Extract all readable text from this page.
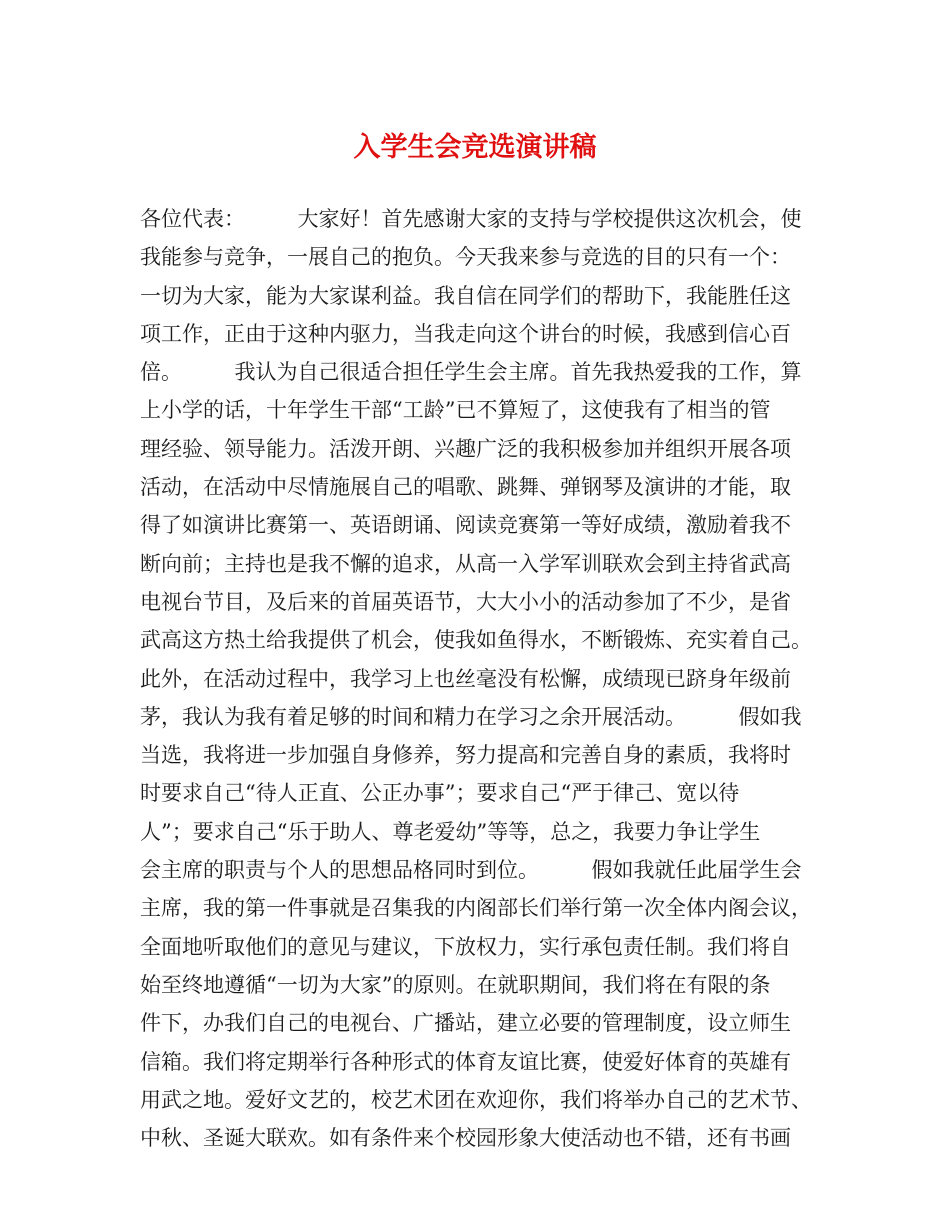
入学生会竞选演讲稿
各位代表：　　　大家好！首先感谢大家的支持与学校提供这次机会，使
我能参与竞争，一展自己的抱负。今天我来参与竞选的目的只有一个：
一切为大家，能为大家谋利益。我自信在同学们的帮助下，我能胜任这
项工作，正由于这种内驱力，当我走向这个讲台的时候，我感到信心百
倍。　　　我认为自己很适合担任学生会主席。首先我热爱我的工作，算
上小学的话，十年学生干部“工龄”已不算短了，这使我有了相当的管
理经验、领导能力。活泼开朗、兴趣广泛的我积极参加并组织开展各项
活动，在活动中尽情施展自己的唱歌、跳舞、弹钢琴及演讲的才能，取
得了如演讲比赛第一、英语朗诵、阅读竞赛第一等好成绩，激励着我不
断向前；主持也是我不懈的追求，从高一入学军训联欢会到主持省武高
电视台节目，及后来的首届英语节，大大小小的活动参加了不少，是省
武高这方热土给我提供了机会，使我如鱼得水，不断锻炼、充实着自己。
此外，在活动过程中，我学习上也丝毫没有松懈，成绩现已跻身年级前
茅，我认为我有着足够的时间和精力在学习之余开展活动。　　　假如我
当选，我将进一步加强自身修养，努力提高和完善自身的素质，我将时
时要求自己“待人正直、公正办事”；要求自己“严于律己、宽以待
人”；要求自己“乐于助人、尊老爱幼”等等，总之，我要力争让学生
会主席的职责与个人的思想品格同时到位。　　　假如我就任此届学生会
主席，我的第一件事就是召集我的内阁部长们举行第一次全体内阁会议，
全面地听取他们的意见与建议，下放权力，实行承包责任制。我们将自
始至终地遵循“一切为大家”的原则。在就职期间，我们将在有限的条
件下，办我们自己的电视台、广播站，建立必要的管理制度，设立师生
信箱。我们将定期举行各种形式的体育友谊比赛，使爱好体育的英雄有
用武之地。爱好文艺的，校艺术团在欢迎你，我们将举办自己的艺术节、
中秋、圣诞大联欢。如有条件来个校园形象大使活动也不错，还有书画
